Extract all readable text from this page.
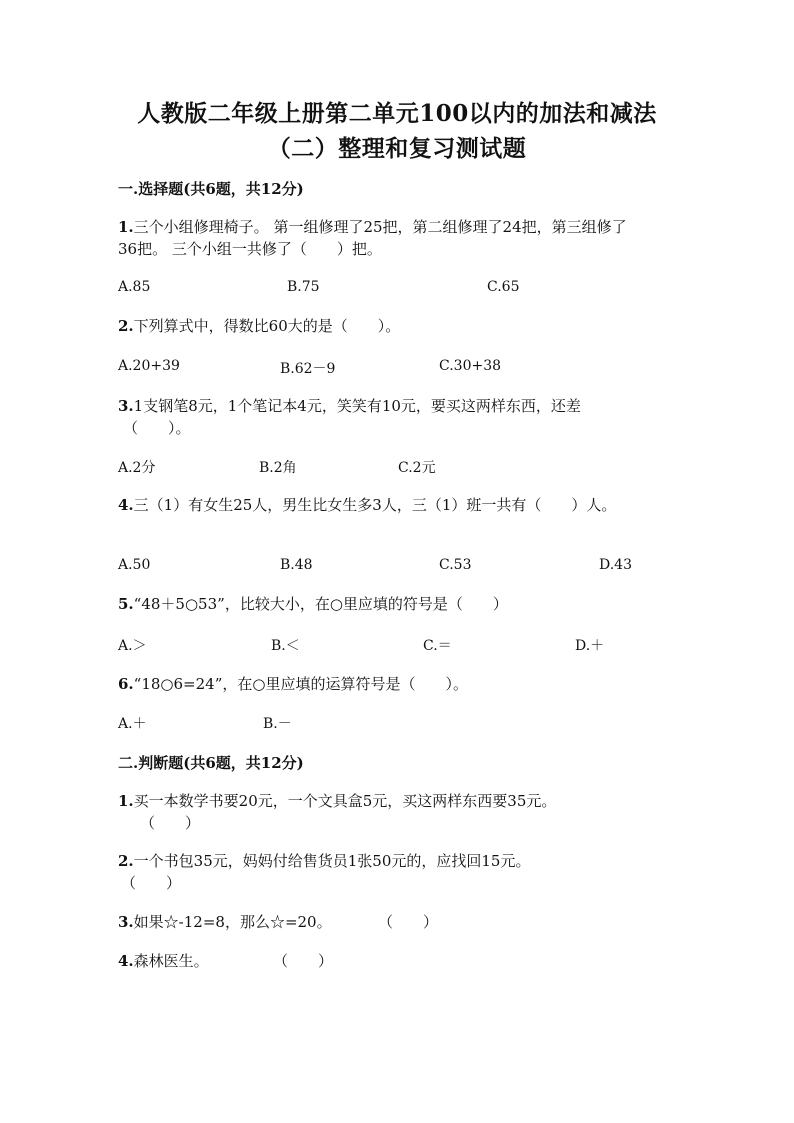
人教版二年级上册第二单元100以内的加法和减法
（二）整理和复习测试题
一.选择题(共6题，共12分)
1.三个小组修理椅子。 第一组修理了25把，第二组修理了24把，第三组修了
36把。 三个小组一共修了（　　）把。
A.85	B.75	C.65
2.下列算式中，得数比60大的是（　　）。
A.20+39	B.62－9	C.30+38
3.1支钢笔8元，1个笔记本4元，笑笑有10元，要买这两样东西，还差
（　　）。
A.2分	B.2角	C.2元
4.三（1）有女生25人，男生比女生多3人，三（1）班一共有（　　）人。
A.50	B.48	C.53	D.43
5.“48＋5○53”，比较大小，在○里应填的符号是（　　）
A.＞	B.＜	C.＝	D.＋
6.“18○6=24”，在○里应填的运算符号是（　　）。
A.＋	B.－
二.判断题(共6题，共12分)
1.买一本数学书要20元，一个文具盒5元，买这两样东西要35元。
（　　）
2.一个书包35元，妈妈付给售货员1张50元的，应找回15元。
（　　）
3.如果☆-12=8，那么☆=20。	（　　）
4.森林医生。	（　　）
